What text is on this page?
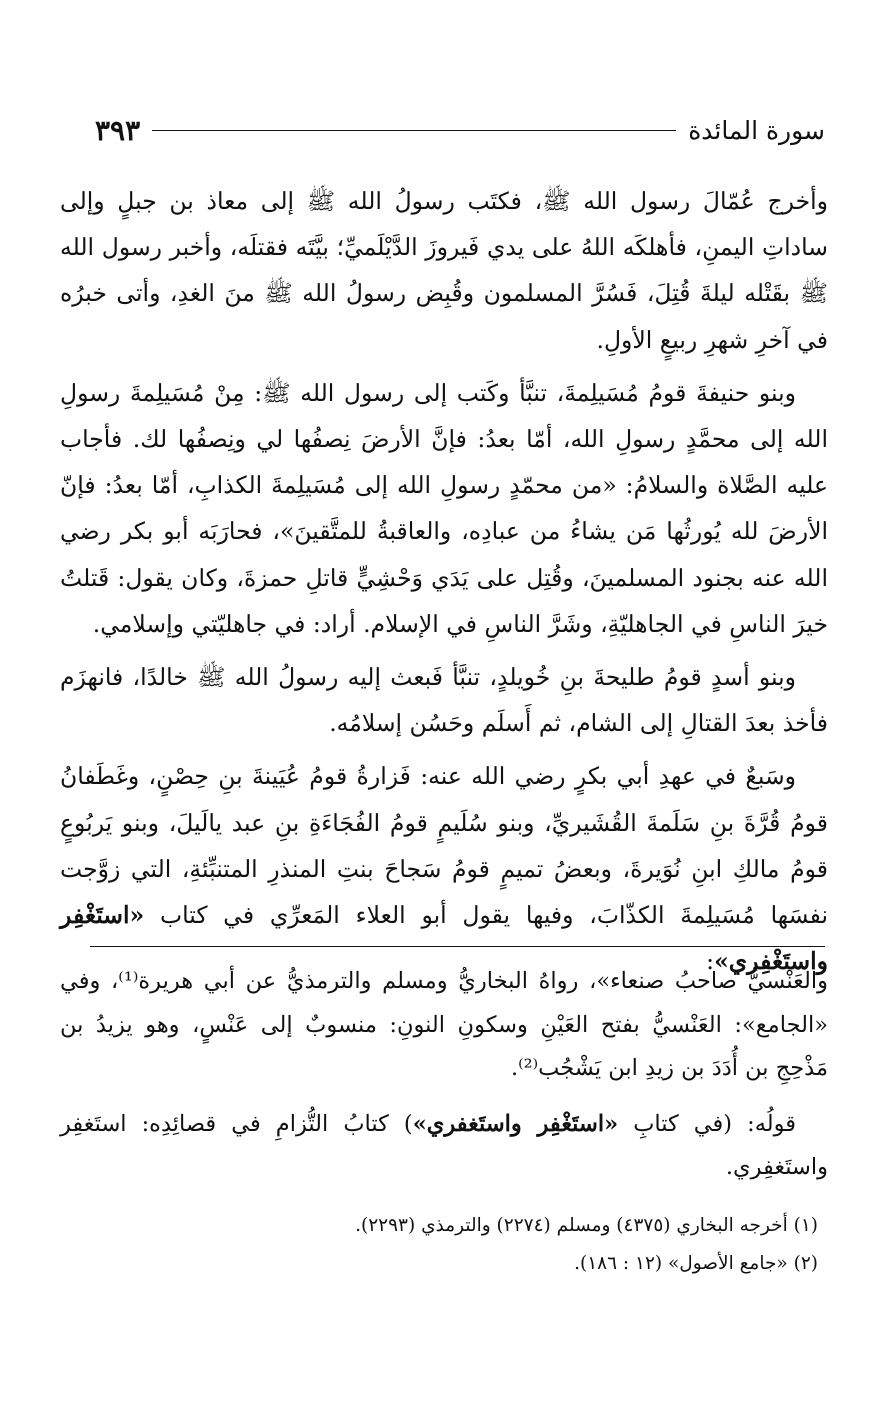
سورة المائدة
٣٩٣

وأخرج عُمّالَ رسول الله ﷺ، فكتَب رسولُ الله ﷺ إلى معاذ بن جبلٍ وإلى ساداتِ اليمنِ، فأهلكَه اللهُ على يدي فَيروزَ الدَّيْلَميِّ؛ بيَّتَه فقتلَه، وأخبر رسول الله ﷺ بقَتْله ليلةَ قُتِلَ، فَسُرَّ المسلمون وقُبِض رسولُ الله ﷺ منَ الغدِ، وأتى خبرُه في آخرِ شهرِ ربيعٍ الأولِ.

وبنو حنيفةَ قومُ مُسَيلِمةَ، تنبَّأ وكَتب إلى رسول الله ﷺ: مِنْ مُسَيلِمةَ رسولِ الله إلى محمَّدٍ رسولِ الله، أمّا بعدُ: فإنَّ الأرضَ نِصفُها لي ونِصفُها لك. فأجاب عليه الصَّلاة والسلامُ: «من محمّدٍ رسولِ الله إلى مُسَيلِمةَ الكذابِ، أمّا بعدُ: فإنّ الأرضَ لله يُورثُها مَن يشاءُ من عبادِه، والعاقبةُ للمتَّقينَ»، فحارَبَه أبو بكر رضي الله عنه بجنود المسلمينَ، وقُتِل على يَدَي وَحْشِيٍّ قاتلِ حمزةَ، وكان يقول: قَتلتُ خيرَ الناسِ في الجاهليّةِ، وشَرَّ الناسِ في الإسلام. أراد: في جاهليّتي وإسلامي.

وبنو أسدٍ قومُ طليحةَ بنِ خُويلدٍ، تنبَّأ فَبعث إليه رسولُ الله ﷺ خالدًا، فانهزَم فأخذ بعدَ القتالِ إلى الشام، ثم أَسلَم وحَسُن إسلامُه.

وسَبعٌ في عهدِ أبي بكرٍ رضي الله عنه: فَزارةُ قومُ عُيَينةَ بنِ حِصْنٍ، وغَطَفانُ قومُ قُرَّةَ بنِ سَلَمةَ القُشَيريِّ، وبنو سُلَيمٍ قومُ الفُجَاءَةِ بنِ عبد يالَيلَ، وبنو يَربُوعٍ قومُ مالكِ ابنِ نُوَيرةَ، وبعضُ تميمٍ قومُ سَجاحَ بنتِ المنذرِ المتنبِّئةِ، التي زوَّجت نفسَها مُسَيلِمةَ الكذّابَ، وفيها يقول أبو العلاء المَعرِّي في كتاب «استَغْفِر واستَغْفِري»:

والعَنْسيُّ صاحبُ صنعاء»، رواهُ البخاريُّ ومسلم والترمذيُّ عن أبي هريرة⁽¹⁾، وفي «الجامع»: العَنْسيُّ بفتح العَيْنِ وسكونِ النونِ: منسوبٌ إلى عَنْسٍ، وهو يزيدُ بن مَذْحِجِ بن أُدَدَ بن زيدِ ابن يَشْجُب⁽²⁾.

قولُه: (في كتابِ «استَغْفِر واستَغفري») كتابُ التُّزامِ في قصائِدِه: استَغفِر واستَغفِري.

(١) أخرجه البخاري (٤٣٧٥) ومسلم (٢٢٧٤) والترمذي (٢٢٩٣).

(٢) «جامع الأصول» (١٢ : ١٨٦).
